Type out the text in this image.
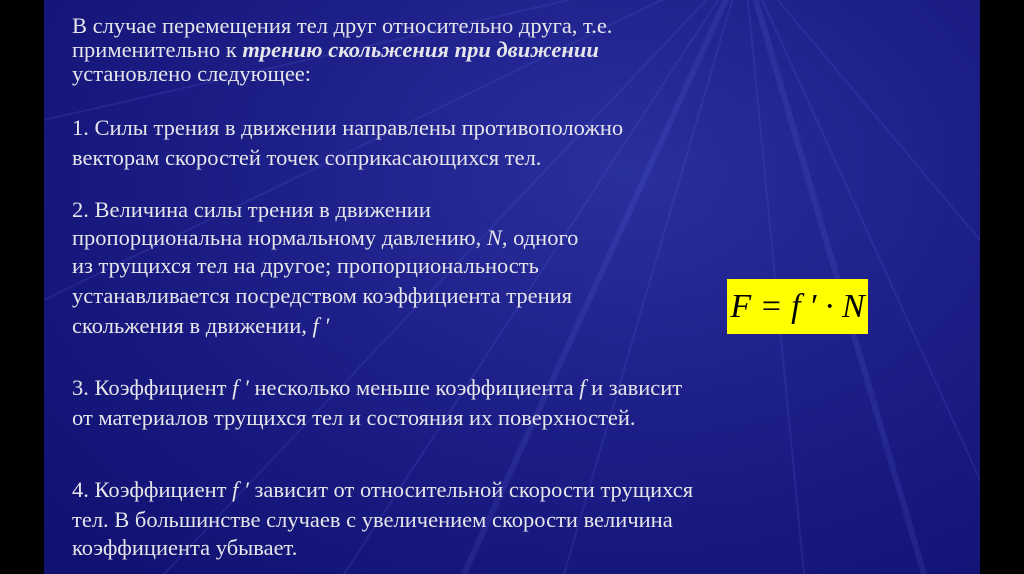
В случае перемещения тел друг относительно друга, т.е.
применительно к трению скольжения при движении
установлено следующее:
1. Силы трения в движении направлены противоположно
векторам скоростей точек соприкасающихся тел.
2. Величина силы трения в движении
пропорциональна нормальному давлению, N, одного
из трущихся тел на другое; пропорциональность
устанавливается посредством коэффициента трения
скольжения в движении, f ′
F = f ′ · N
3. Коэффициент f ′ несколько меньше коэффициента f и зависит
от материалов трущихся тел и состояния их поверхностей.
4. Коэффициент f ′ зависит от относительной скорости трущихся
тел. В большинстве случаев с увеличением скорости величина
коэффициента убывает.
